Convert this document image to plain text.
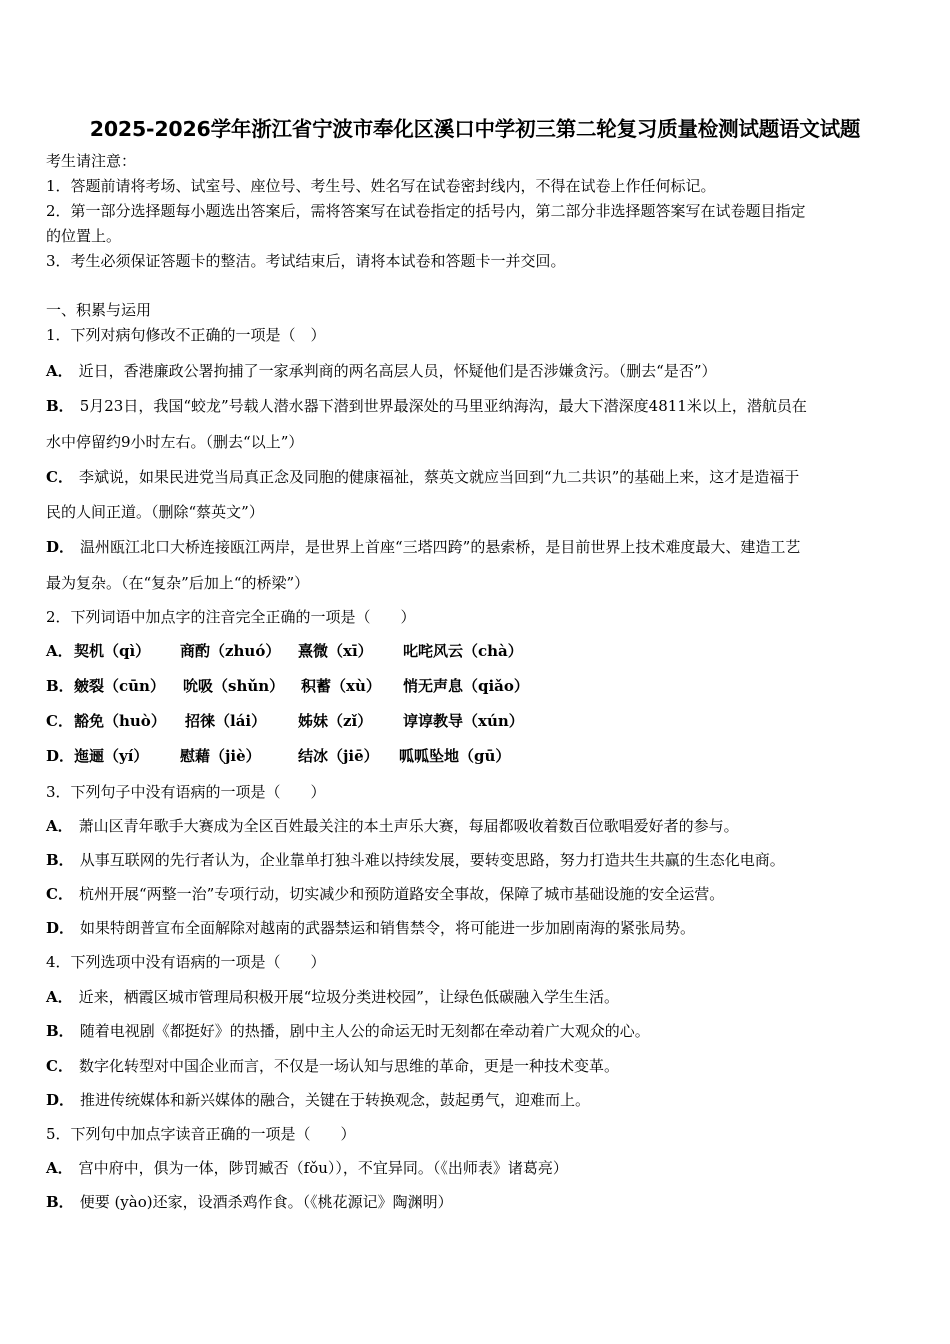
2025-2026学年浙江省宁波市奉化区溪口中学初三第二轮复习质量检测试题语文试题
考生请注意：
1．答题前请将考场、试室号、座位号、考生号、姓名写在试卷密封线内，不得在试卷上作任何标记。
2．第一部分选择题每小题选出答案后，需将答案写在试卷指定的括号内，第二部分非选择题答案写在试卷题目指定
的位置上。
3．考生必须保证答题卡的整洁。考试结束后，请将本试卷和答题卡一并交回。
一、积累与运用
1．下列对病句修改不正确的一项是（　）
A． 近日，香港廉政公署拘捕了一家承判商的两名高层人员，怀疑他们是否涉嫌贪污。（删去“是否”）
B． 5月23日，我国“蛟龙”号载人潜水器下潜到世界最深处的马里亚纳海沟，最大下潜深度4811米以上，潜航员在
水中停留约9小时左右。（删去“以上”）
C． 李斌说，如果民进党当局真正念及同胞的健康福祉，蔡英文就应当回到“九二共识”的基础上来，这才是造福于
民的人间正道。（删除“蔡英文”）
D． 温州瓯江北口大桥连接瓯江两岸，是世界上首座“三塔四跨”的悬索桥，是目前世界上技术难度最大、建造工艺
最为复杂。（在“复杂”后加上“的桥梁”）
2．下列词语中加点字的注音完全正确的一项是（　　）
A． 契机（qì） 商酌（zhuó） 熹微（xī） 叱咤风云（chà）
B． 皴裂（cūn） 吮吸（shǔn） 积蓄（xù） 悄无声息（qiǎo）
C． 豁免（huò） 招徕（lái） 姊妹（zǐ） 谆谆教导（xún）
D． 迤逦（yí） 慰藉（jiè） 结冰（jiē） 呱呱坠地（gū）
3．下列句子中没有语病的一项是（　　）
A． 萧山区青年歌手大赛成为全区百姓最关注的本土声乐大赛，每届都吸收着数百位歌唱爱好者的参与。
B． 从事互联网的先行者认为，企业靠单打独斗难以持续发展，要转变思路，努力打造共生共赢的生态化电商。
C． 杭州开展“两整一治”专项行动，切实减少和预防道路安全事故，保障了城市基础设施的安全运营。
D． 如果特朗普宣布全面解除对越南的武器禁运和销售禁令，将可能进一步加剧南海的紧张局势。
4．下列选项中没有语病的一项是（　　）
A． 近来，栖霞区城市管理局积极开展“垃圾分类进校园”，让绿色低碳融入学生生活。
B． 随着电视剧《都挺好》的热播，剧中主人公的命运无时无刻都在牵动着广大观众的心。
C． 数字化转型对中国企业而言，不仅是一场认知与思维的革命，更是一种技术变革。
D． 推进传统媒体和新兴媒体的融合，关键在于转换观念，鼓起勇气，迎难而上。
5．下列句中加点字读音正确的一项是（　　）
A． 宫中府中，俱为一体，陟罚臧否（fǒu）），不宜异同。（《出师表》诸葛亮）
B． 便要 (yào)还家，设酒杀鸡作食。（《桃花源记》陶渊明）
